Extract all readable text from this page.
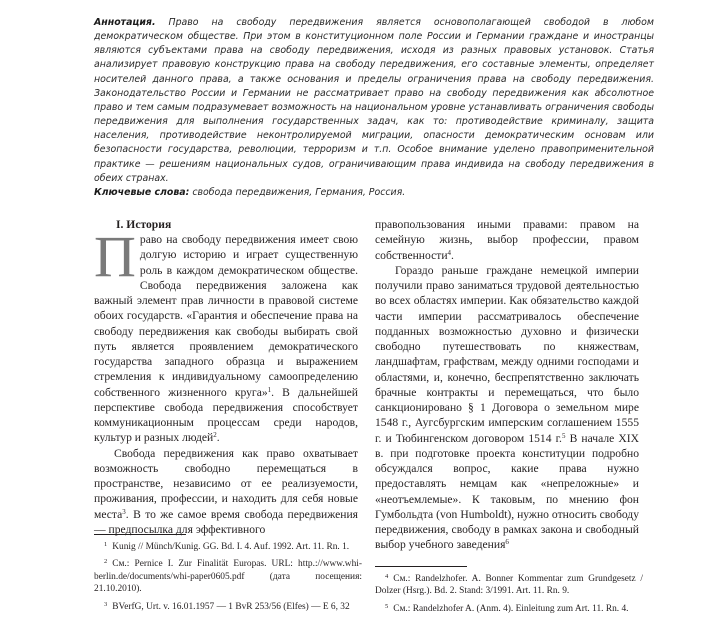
Аннотация. Право на свободу передвижения является основополагающей свободой в любом демократическом обществе. При этом в конституционном поле России и Германии граждане и иностранцы являются субъектами права на свободу передвижения, исходя из разных правовых установок. Статья анализирует правовую конструкцию права на свободу передвижения, его составные элементы, определяет носителей данного права, а также основания и пределы ограничения права на свободу передвижения. Законодательство России и Германии не рассматривает право на свободу передвижения как абсолютное право и тем самым подразумевает возможность на национальном уровне устанавливать ограничения свободы передвижения для выполнения государственных задач, как то: противодействие криминалу, защита населения, противодействие неконтролируемой миграции, опасности демократическим основам или безопасности государства, революции, терроризм и т.п. Особое внимание уделено правоприменительной практике — решениям национальных судов, ограничивающим права индивида на свободу передвижения в обеих странах.

Ключевые слова: свобода передвижения, Германия, Россия.

I. История

Право на свободу передвижения имеет свою долгую историю и играет существенную роль в каждом демократическом обществе. Свобода передвижения заложена как важный элемент прав личности в правовой системе обоих государств. «Гарантия и обеспечение права на свободу передвижения как свободы выбирать свой путь является проявлением демократического государства западного образца и выражением стремления к индивидуальному самоопределению собственного жизненного круга»$^1$. В дальнейшей перспективе свобода передвижения способствует коммуникационным процессам среди народов, культур и разных людей$^2$.

Свобода передвижения как право охватывает возможность свободно перемещаться в пространстве, независимо от ее реализуемости, проживания, профессии, и находить для себя новые места$^3$. В то же самое время свобода передвижения — предпосылка для эффективного

правопользования иными правами: правом на семейную жизнь, выбор профессии, правом собственности$^4$.

Гораздо раньше граждане немецкой империи получили право заниматься трудовой деятельностью во всех областях империи. Как обязательство каждой части империи рассматривалось обеспечение подданных возможностью духовно и физически свободно путешествовать по княжествам, ландшафтам, графствам, между одними господами и областями, и, конечно, беспрепятственно заключать брачные контракты и перемещаться, что было санкционировано § 1 Договора о земельном мире 1548 г., Аугсбургским имперским соглашением 1555 г. и Тюбингенском договором 1514 г.$^5$ В начале XIX в. при подготовке проекта конституции подробно обсуждался вопрос, какие права нужно предоставлять немцам как «непреложные» и «неотъемлемые». К таковым, по мнению фон Гумбольдта (von Humboldt), нужно относить свободу передвижения, свободу в рамках закона и свободный выбор учебного заведения$^6$

$^1$ Kunig // Münch/Kunig. GG. Bd. I. 4. Auf. 1992. Art. 11. Rn. 1.

$^2$ См.: Pernice I. Zur Finalität Europas. URL: http.://www.whi-berlin.de/documents/whi-paper0605.pdf (дата посещения: 21.10.2010).

$^3$ BVerfG, Urt. v. 16.01.1957 — 1 BvR 253/56 (Elfes) — E 6, 32

$^4$ См.: Randelzhofer. A. Bonner Kommentar zum Grundgesetz / Dolzer (Hsrg.). Bd. 2. Stand: 3/1991. Art. 11. Rn. 9.

$^5$ См.: Randelzhofer A. (Anm. 4). Einleitung zum Art. 11. Rn. 4.
